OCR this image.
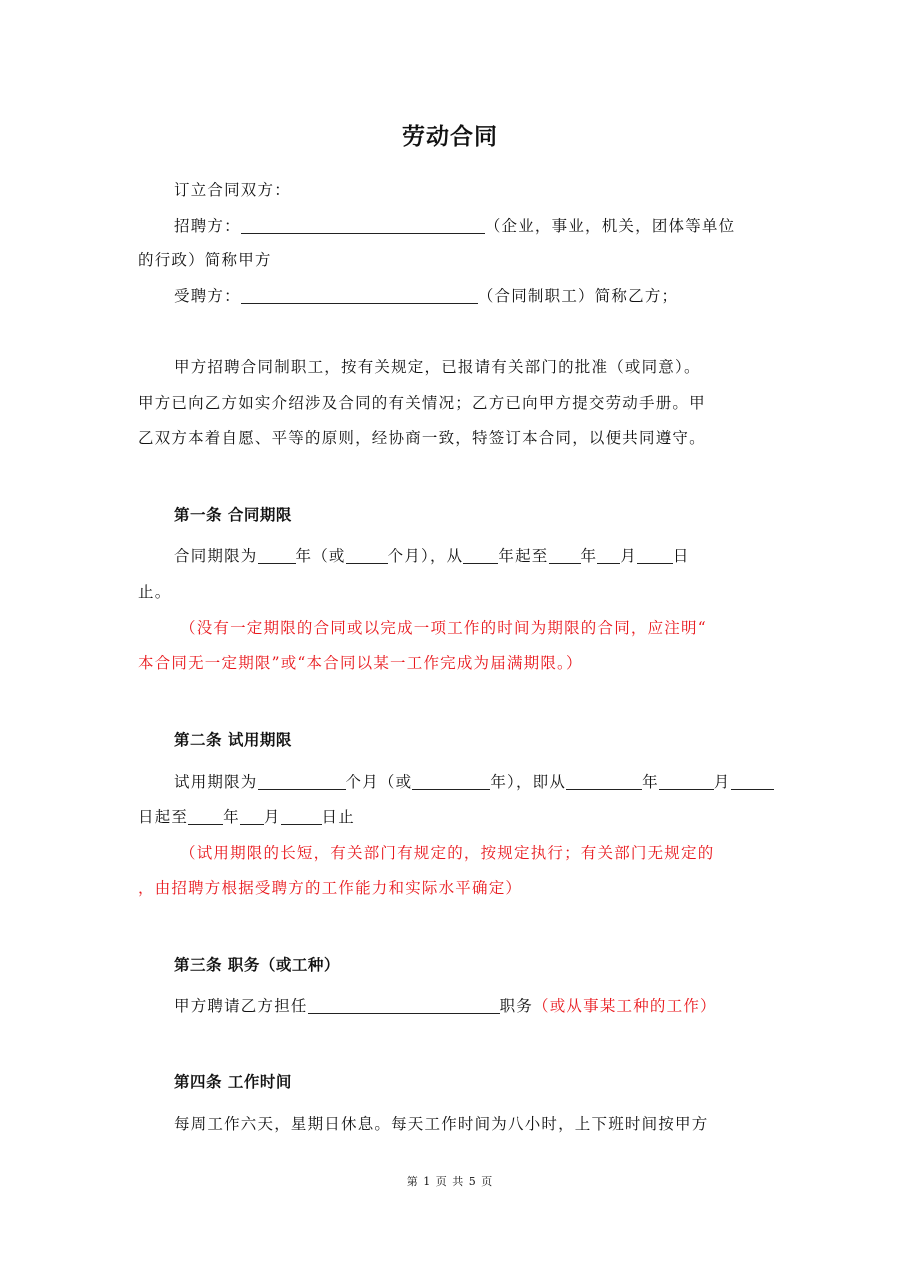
劳动合同
订立合同双方：
招聘方：	（企业，事业，机关，团体等单位
的行政）简称甲方
受聘方：	（合同制职工）简称乙方；
甲方招聘合同制职工，按有关规定，已报请有关部门的批准（或同意）。
甲方已向乙方如实介绍涉及合同的有关情况；乙方已向甲方提交劳动手册。甲
乙双方本着自愿、平等的原则，经协商一致，特签订本合同，以便共同遵守。
第一条 合同期限
合同期限为 年（或	个月），从 年起至 年 月 日
止。
（没有一定期限的合同或以完成一项工作的时间为期限的合同，应注明“
本合同无一定期限”或“本合同以某一工作完成为届满期限。）
第二条 试用期限
试用期限为	个月（或	年），即从	年	月
日起至 年 月	日止
（试用期限的长短，有关部门有规定的，按规定执行；有关部门无规定的
，由招聘方根据受聘方的工作能力和实际水平确定）
第三条 职务（或工种）
甲方聘请乙方担任	职务（或从事某工种的工作）
第四条 工作时间
每周工作六天，星期日休息。每天工作时间为八小时，上下班时间按甲方
第 1 页 共 5 页
